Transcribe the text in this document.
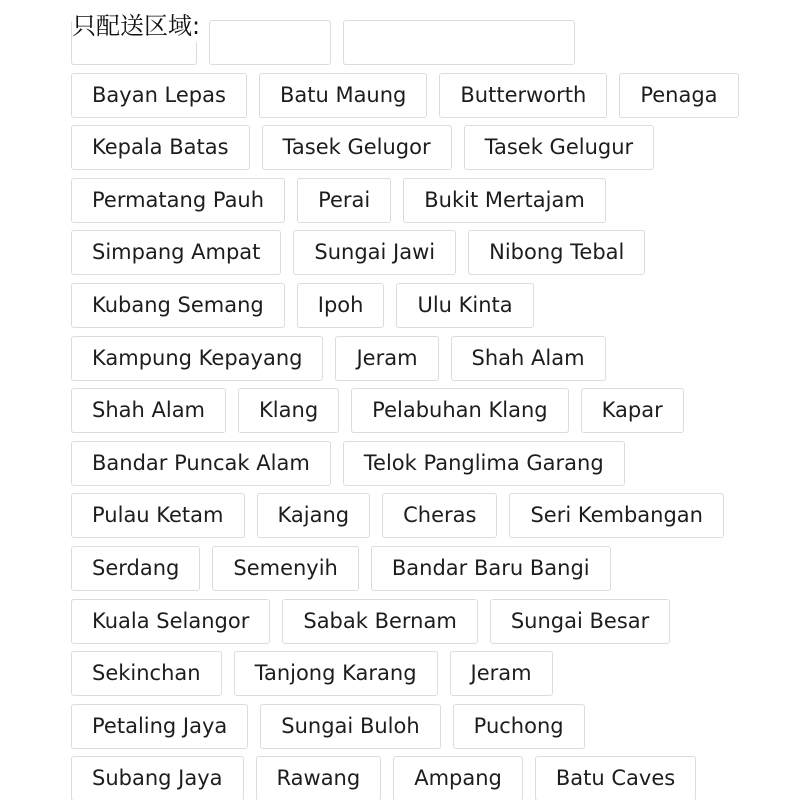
只配送区域:
Bayan Lepas	Batu Maung	Butterworth	Penaga
Kepala Batas	Tasek Gelugor	Tasek Gelugur
Permatang Pauh	Perai	Bukit Mertajam
Simpang Ampat	Sungai Jawi	Nibong Tebal
Kubang Semang	Ipoh	Ulu Kinta
Kampung Kepayang	Jeram	Shah Alam
Shah Alam	Klang	Pelabuhan Klang	Kapar
Bandar Puncak Alam	Telok Panglima Garang
Pulau Ketam	Kajang	Cheras	Seri Kembangan
Serdang	Semenyih	Bandar Baru Bangi
Kuala Selangor	Sabak Bernam	Sungai Besar
Sekinchan	Tanjong Karang	Jeram
Petaling Jaya	Sungai Buloh	Puchong
Subang Jaya	Rawang	Ampang	Batu Caves
